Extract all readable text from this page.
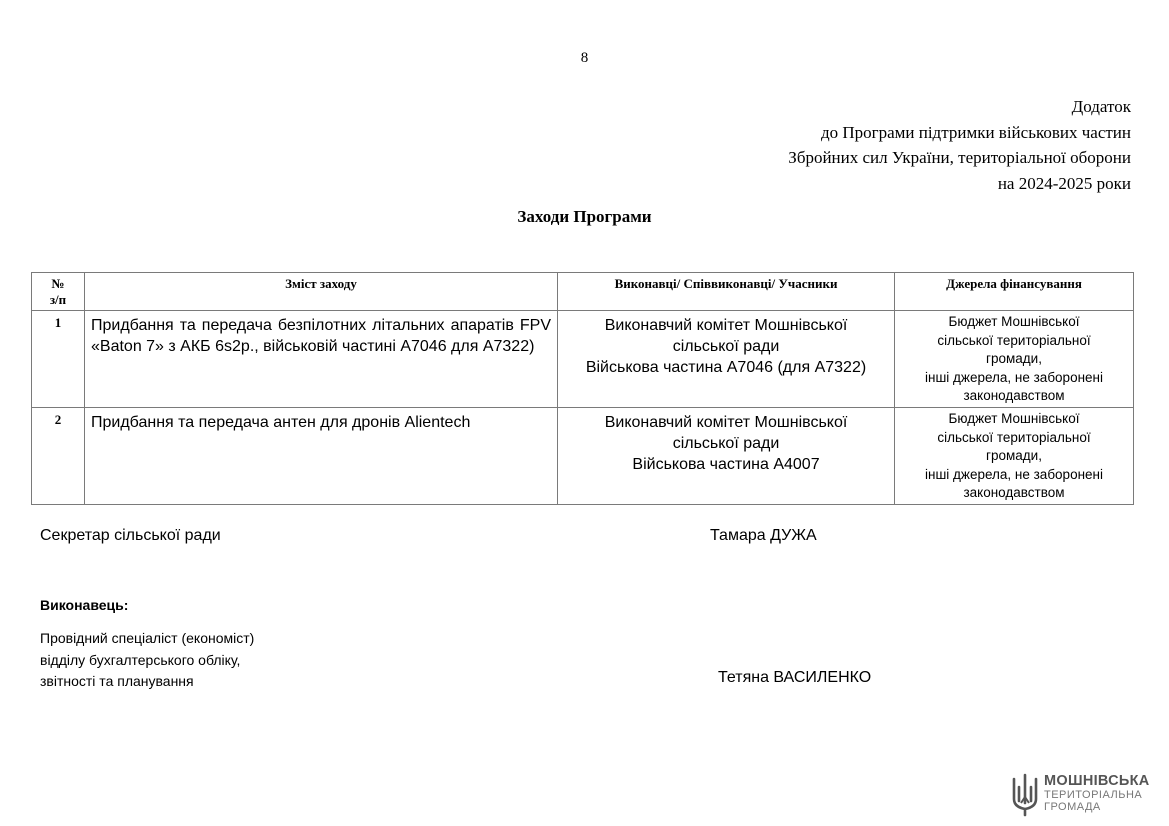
8
Додаток
до Програми підтримки військових частин
Збройних сил України, територіальної оборони
на 2024-2025 роки
Заходи Програми
№
з/п	Зміст заходу	Виконавці/ Співвиконавці/ Учасники	Джерела фінансування
1	Придбання та передача безпілотних літальних апаратів FPV «Baton 7» з АКБ 6s2p., військовій частині А7046 для А7322)	Виконавчий комітет Мошнівської
сільської ради
Військова частина А7046 (для А7322)	Бюджет Мошнівської
сільської територіальної
громади,
інші джерела, не заборонені
законодавством

2	Придбання та передача антен для дронів Alientech	Виконавчий комітет Мошнівської
сільської ради
Військова частина А4007	Бюджет Мошнівської
сільської територіальної
громади,
інші джерела, не заборонені
законодавством
Секретар сільської ради	Тамара ДУЖА
Виконавець:
Провідний спеціаліст (економіст)
відділу бухгалтерського обліку,
звітності та планування	Тетяна ВАСИЛЕНКО
МОШНІВСЬКА
ТЕРИТОРІАЛЬНА
ГРОМАДА
